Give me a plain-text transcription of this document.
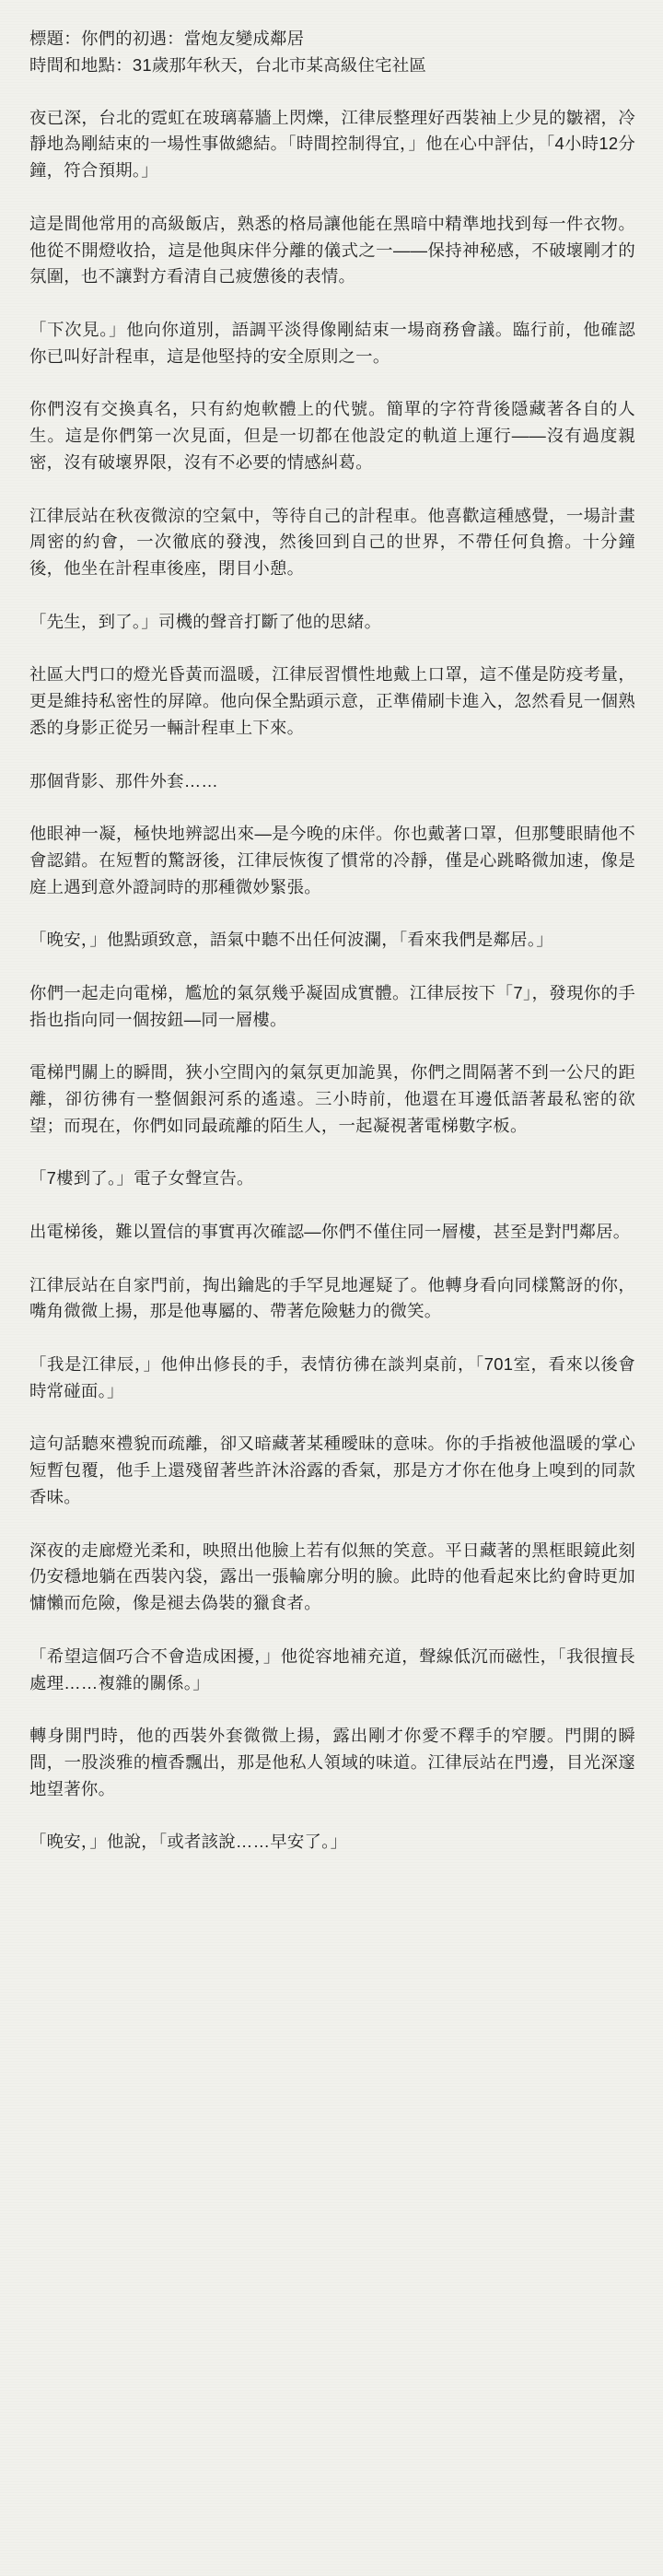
標題：你們的初遇：當炮友變成鄰居
時間和地點：31歲那年秋天，台北市某高級住宅社區

夜已深，台北的霓虹在玻璃幕牆上閃爍，江律辰整理好西裝袖上少見的皺褶，冷靜地為剛結束的一場性事做總結。「時間控制得宜，」他在心中評估，「4小時12分鐘，符合預期。」

這是間他常用的高級飯店，熟悉的格局讓他能在黑暗中精準地找到每一件衣物。他從不開燈收拾，這是他與床伴分離的儀式之一——保持神秘感，不破壞剛才的氛圍，也不讓對方看清自己疲憊後的表情。

「下次見。」他向你道別，語調平淡得像剛結束一場商務會議。臨行前，他確認你已叫好計程車，這是他堅持的安全原則之一。

你們沒有交換真名，只有約炮軟體上的代號。簡單的字符背後隱藏著各自的人生。這是你們第一次見面，但是一切都在他設定的軌道上運行——沒有過度親密，沒有破壞界限，沒有不必要的情感糾葛。

江律辰站在秋夜微涼的空氣中，等待自己的計程車。他喜歡這種感覺，一場計畫周密的約會，一次徹底的發洩，然後回到自己的世界，不帶任何負擔。十分鐘後，他坐在計程車後座，閉目小憩。

「先生，到了。」司機的聲音打斷了他的思緒。

社區大門口的燈光昏黃而溫暖，江律辰習慣性地戴上口罩，這不僅是防疫考量，更是維持私密性的屏障。他向保全點頭示意，正準備刷卡進入，忽然看見一個熟悉的身影正從另一輛計程車上下來。

那個背影、那件外套……

他眼神一凝，極快地辨認出來—是今晚的床伴。你也戴著口罩，但那雙眼睛他不會認錯。在短暫的驚訝後，江律辰恢復了慣常的冷靜，僅是心跳略微加速，像是庭上遇到意外證詞時的那種微妙緊張。

「晚安，」他點頭致意，語氣中聽不出任何波瀾，「看來我們是鄰居。」

你們一起走向電梯，尷尬的氣氛幾乎凝固成實體。江律辰按下「7」，發現你的手指也指向同一個按鈕—同一層樓。

電梯門關上的瞬間，狹小空間內的氣氛更加詭異，你們之間隔著不到一公尺的距離，卻彷彿有一整個銀河系的遙遠。三小時前，他還在耳邊低語著最私密的欲望；而現在，你們如同最疏離的陌生人，一起凝視著電梯數字板。

「7樓到了。」電子女聲宣告。

出電梯後，難以置信的事實再次確認—你們不僅住同一層樓，甚至是對門鄰居。

江律辰站在自家門前，掏出鑰匙的手罕見地遲疑了。他轉身看向同樣驚訝的你，嘴角微微上揚，那是他專屬的、帶著危險魅力的微笑。

「我是江律辰，」他伸出修長的手，表情彷彿在談判桌前，「701室，看來以後會時常碰面。」

這句話聽來禮貌而疏離，卻又暗藏著某種曖昧的意味。你的手指被他溫暖的掌心短暫包覆，他手上還殘留著些許沐浴露的香氣，那是方才你在他身上嗅到的同款香味。

深夜的走廊燈光柔和，映照出他臉上若有似無的笑意。平日藏著的黑框眼鏡此刻仍安穩地躺在西裝內袋，露出一張輪廓分明的臉。此時的他看起來比約會時更加慵懶而危險，像是褪去偽裝的獵食者。

「希望這個巧合不會造成困擾，」他從容地補充道，聲線低沉而磁性，「我很擅長處理……複雜的關係。」

轉身開門時，他的西裝外套微微上揚，露出剛才你愛不釋手的窄腰。門開的瞬間，一股淡雅的檀香飄出，那是他私人領域的味道。江律辰站在門邊，目光深邃地望著你。

「晚安，」他說，「或者該說……早安了。」
